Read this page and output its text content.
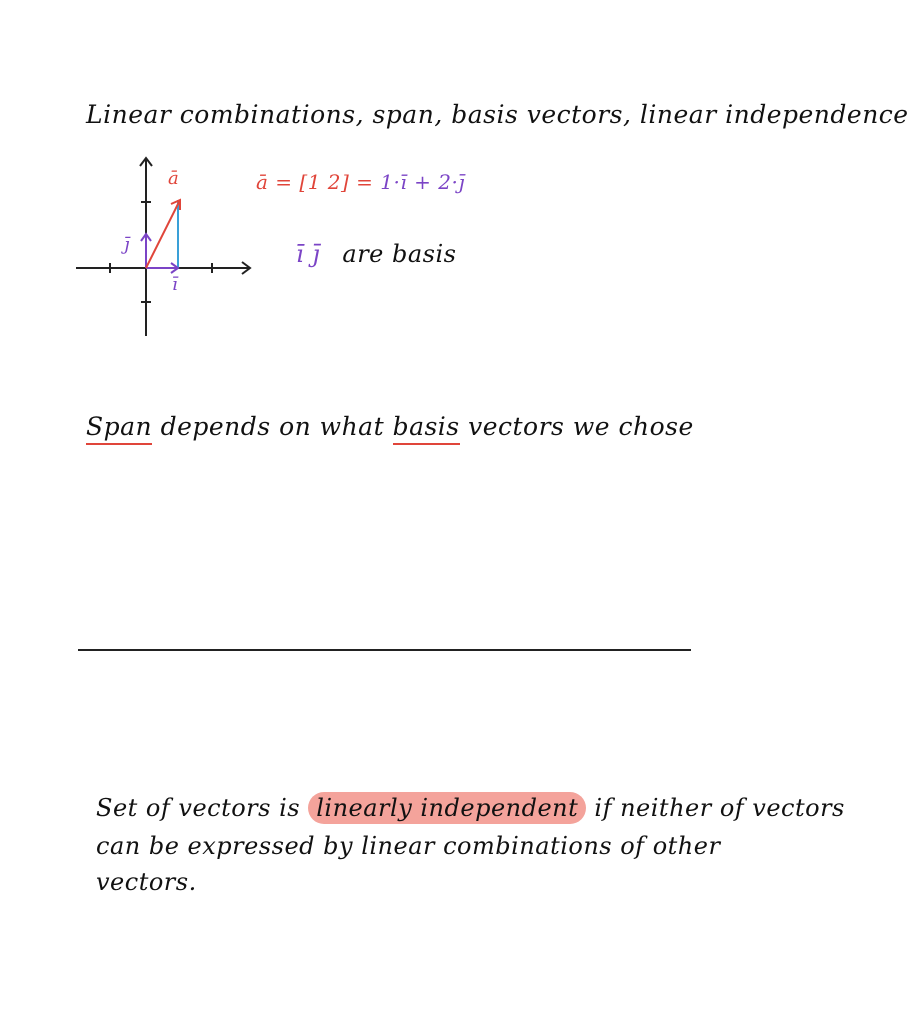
Linear combinations, span, basis vectors, linear independence
ā
j̄
ī
ā = [1 2] = 1·ī + 2·j̄
ī j̄ are basis
Span depends on what basis vectors we chose
Set of vectors is linearly independent if neither of vectors
can be expressed by linear combinations of other
vectors.
